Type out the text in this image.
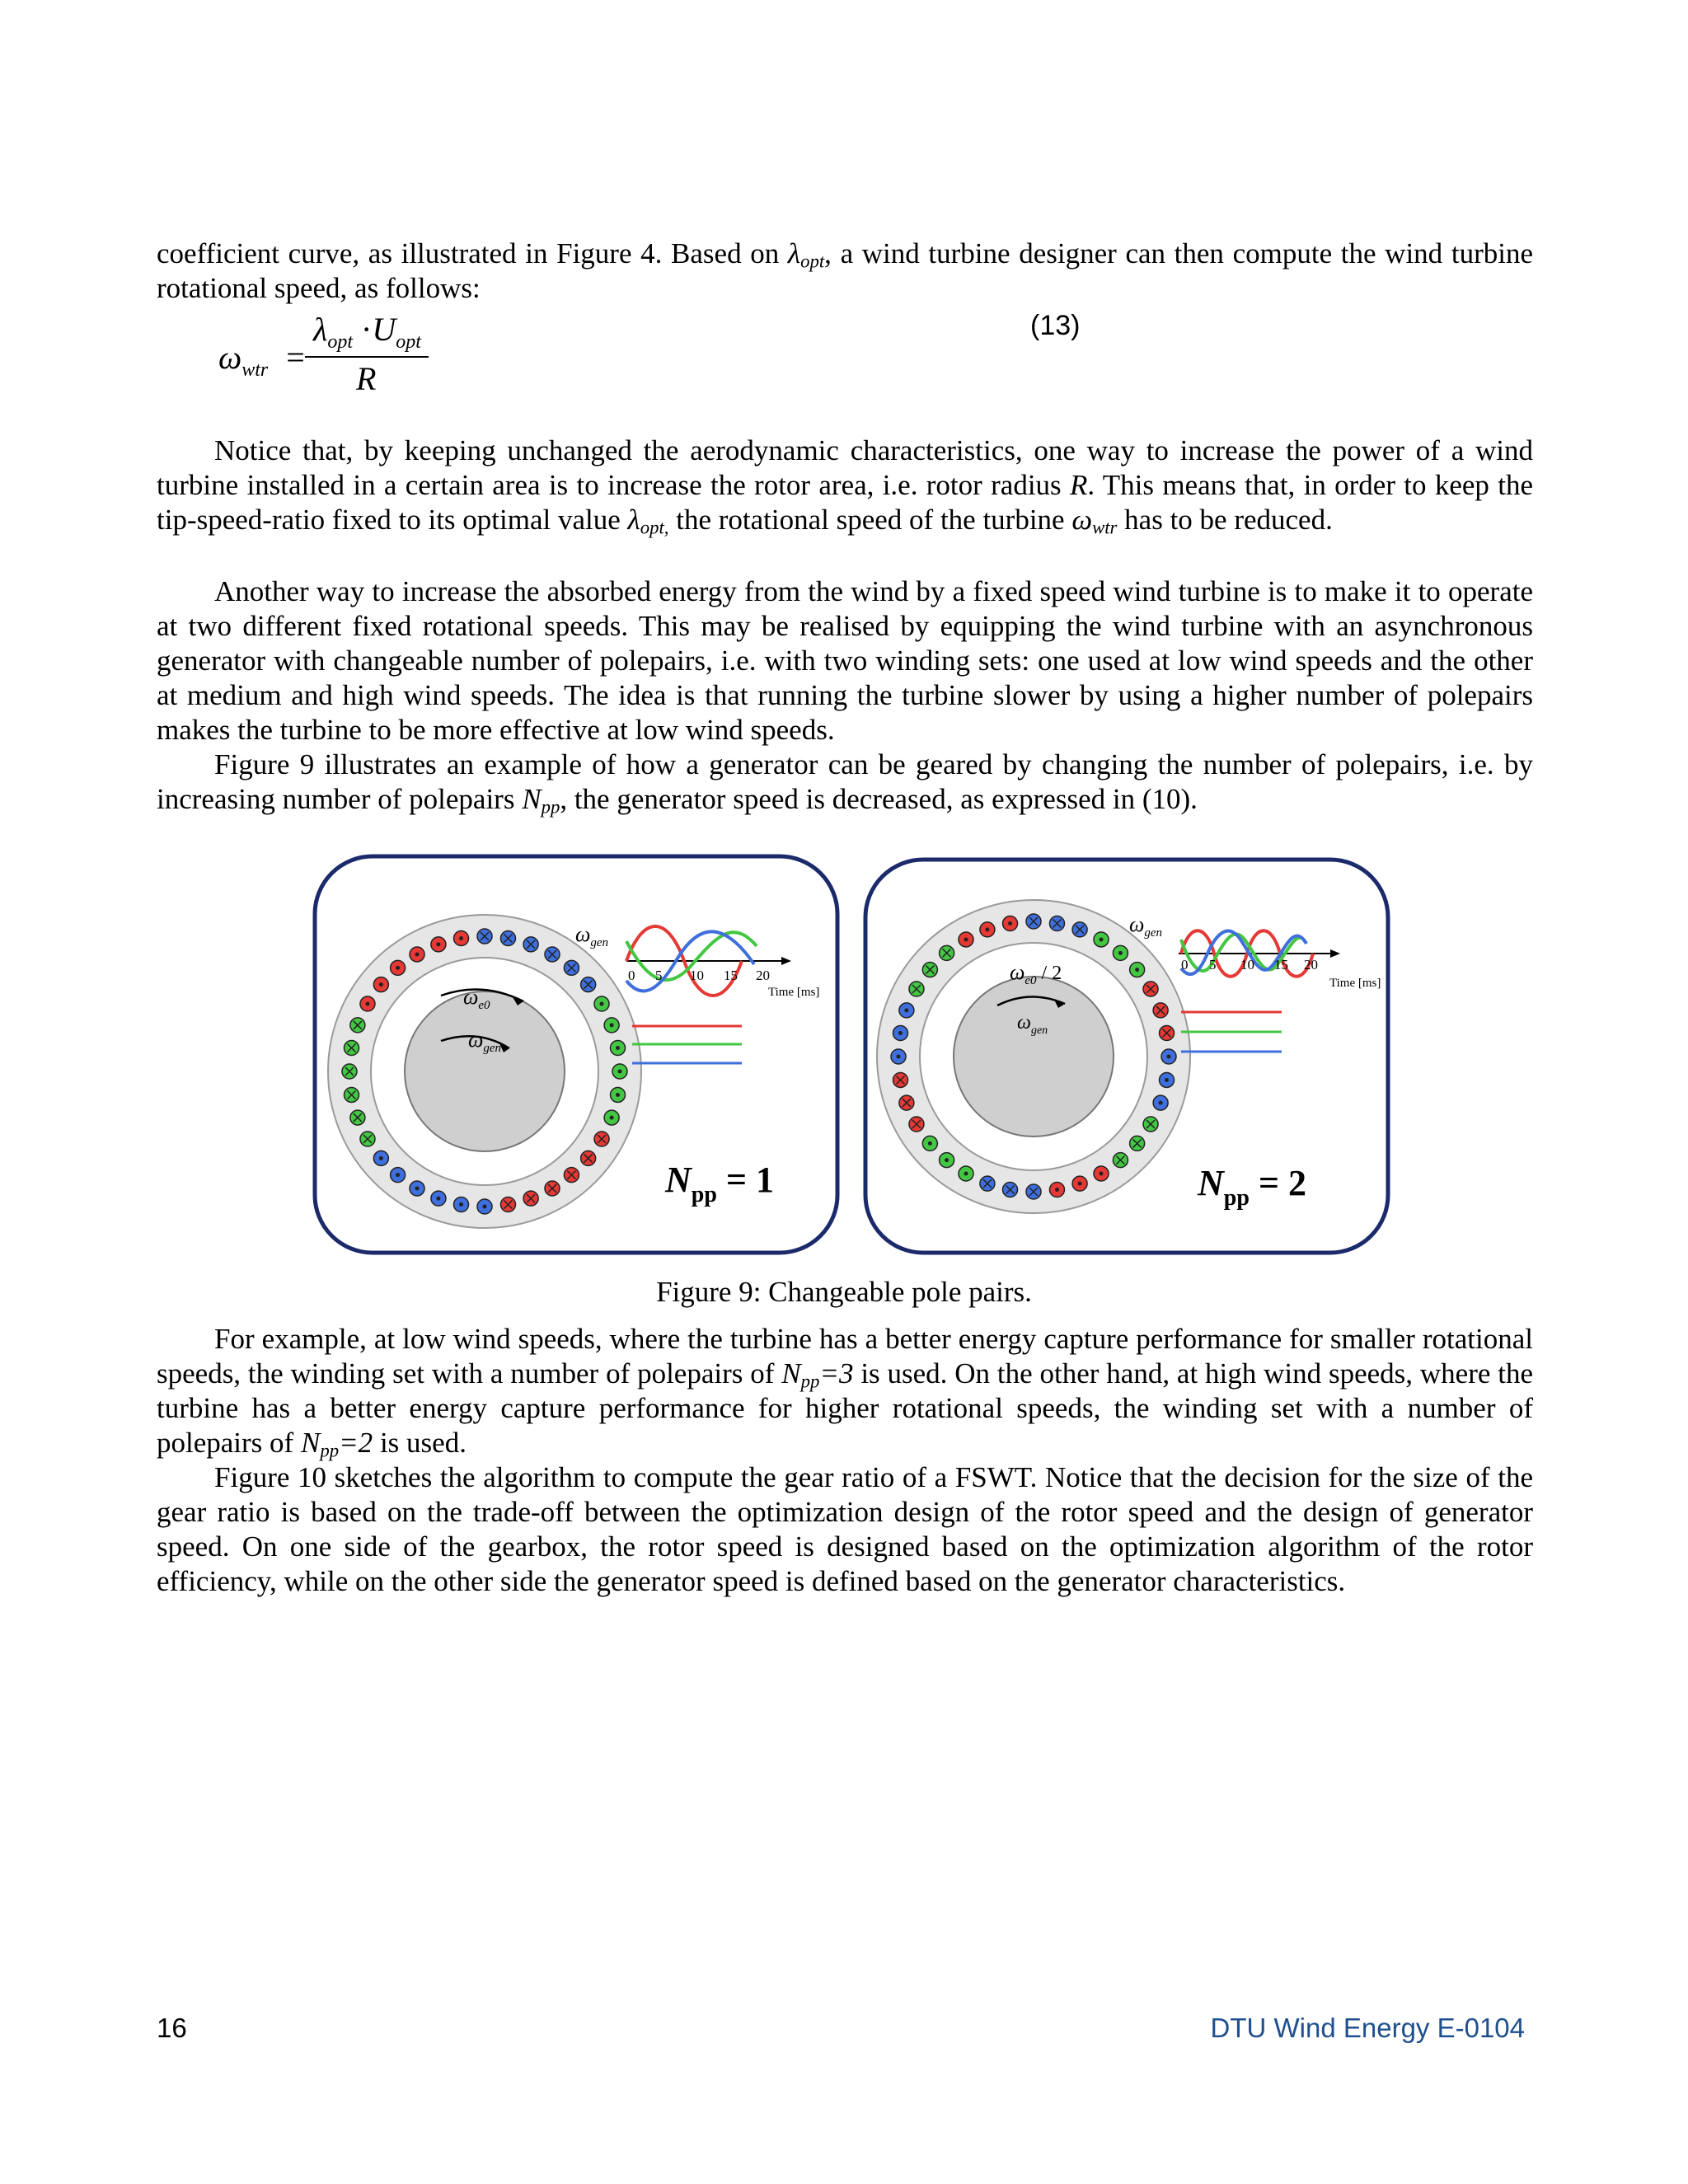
coefficient curve, as illustrated in Figure 4. Based on $\lambda_{opt}$, a wind turbine designer can then compute the wind turbine rotational speed, as follows:
$\omega_{wtr}$ =
$\lambda_{opt} \cdot U_{opt}$
R
(13)
Notice that, by keeping unchanged the aerodynamic characteristics, one way to increase the power of a wind turbine installed in a certain area is to increase the rotor area, i.e. rotor radius R. This means that, in order to keep the tip-speed-ratio fixed to its optimal value $\lambda_{opt,}$ the rotational speed of the turbine $\omega_{wtr}$ has to be reduced.
Another way to increase the absorbed energy from the wind by a fixed speed wind turbine is to make it to operate at two different fixed rotational speeds. This may be realised by equipping the wind turbine with an asynchronous generator with changeable number of polepairs, i.e. with two winding sets: one used at low wind speeds and the other at medium and high wind speeds. The idea is that running the turbine slower by using a higher number of polepairs makes the turbine to be more effective at low wind speeds.
Figure 9 illustrates an example of how a generator can be geared by changing the number of polepairs, i.e. by increasing number of polepairs $N_{pp}$, the generator speed is decreased, as expressed in (10).
$\omega_{e0}$
$\omega_{gen}$
$\omega_{gen}$
0 5 10 15 20
Time [ms]
$N_{pp} = 1$
$\omega_{e0} / 2$
$\omega_{gen}$
$\omega_{gen}$
0 5 10 15 20
Time [ms]
$N_{pp} = 2$
Figure 9: Changeable pole pairs.
For example, at low wind speeds, where the turbine has a better energy capture performance for smaller rotational speeds, the winding set with a number of polepairs of $N_{pp}=3$ is used. On the other hand, at high wind speeds, where the turbine has a better energy capture performance for higher rotational speeds, the winding set with a number of polepairs of $N_{pp}=2$ is used.
Figure 10 sketches the algorithm to compute the gear ratio of a FSWT. Notice that the decision for the size of the gear ratio is based on the trade-off between the optimization design of the rotor speed and the design of generator speed. On one side of the gearbox, the rotor speed is designed based on the optimization algorithm of the rotor efficiency, while on the other side the generator speed is defined based on the generator characteristics.
16	DTU Wind Energy E-0104
